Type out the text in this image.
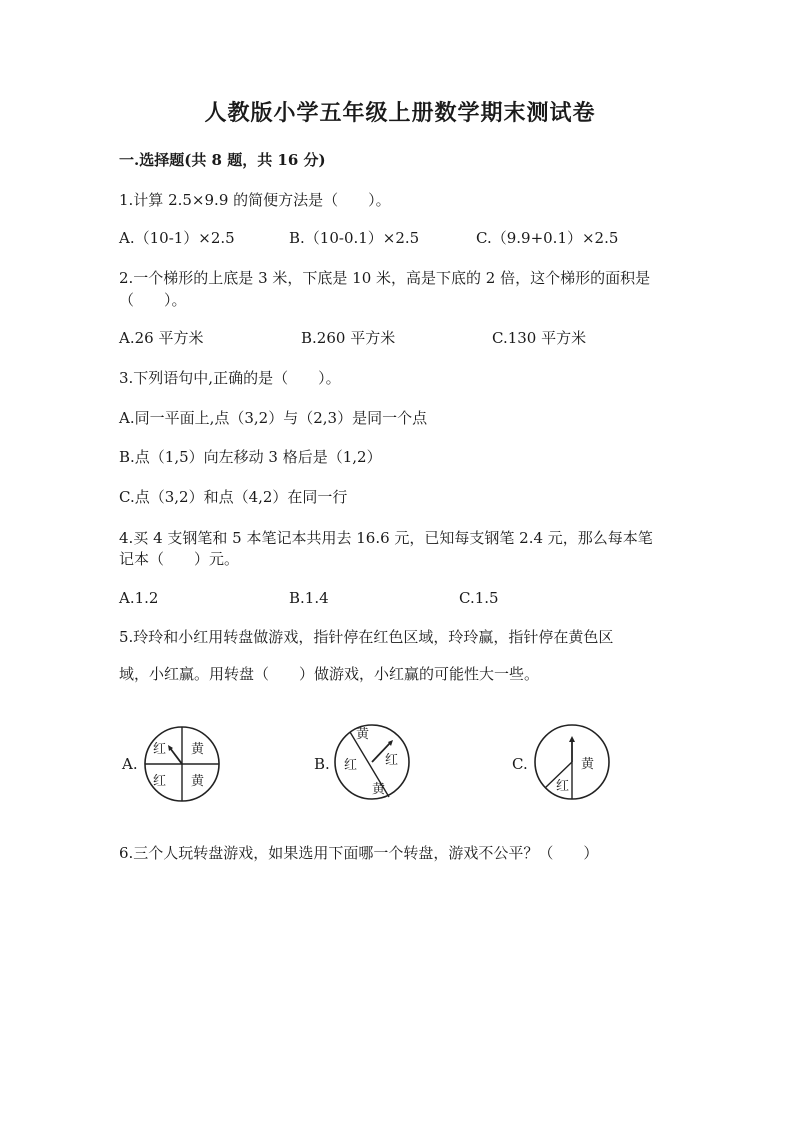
人教版小学五年级上册数学期末测试卷
一.选择题(共 8 题，共 16 分)
1.计算 2.5×9.9 的简便方法是（　　）。
A.（10-1）×2.5	B.（10-0.1）×2.5	C.（9.9+0.1）×2.5
2.一个梯形的上底是 3 米，下底是 10 米，高是下底的 2 倍，这个梯形的面积是
（　　）。
A.26 平方米	B.260 平方米	C.130 平方米
3.下列语句中,正确的是（　　）。
A.同一平面上,点（3,2）与（2,3）是同一个点
B.点（1,5）向左移动 3 格后是（1,2）
C.点（3,2）和点（4,2）在同一行
4.买 4 支钢笔和 5 本笔记本共用去 16.6 元，已知每支钢笔 2.4 元，那么每本笔
记本（　　）元。
A.1.2	B.1.4	C.1.5
5.玲玲和小红用转盘做游戏，指针停在红色区域，玲玲赢，指针停在黄色区
域，小红赢。用转盘（　　）做游戏，小红赢的可能性大一些。
A.
红 黄
红 黄
B.
黄
红 红
黄
C.	黄
红
6.三个人玩转盘游戏，如果选用下面哪一个转盘，游戏不公平？（　　）
